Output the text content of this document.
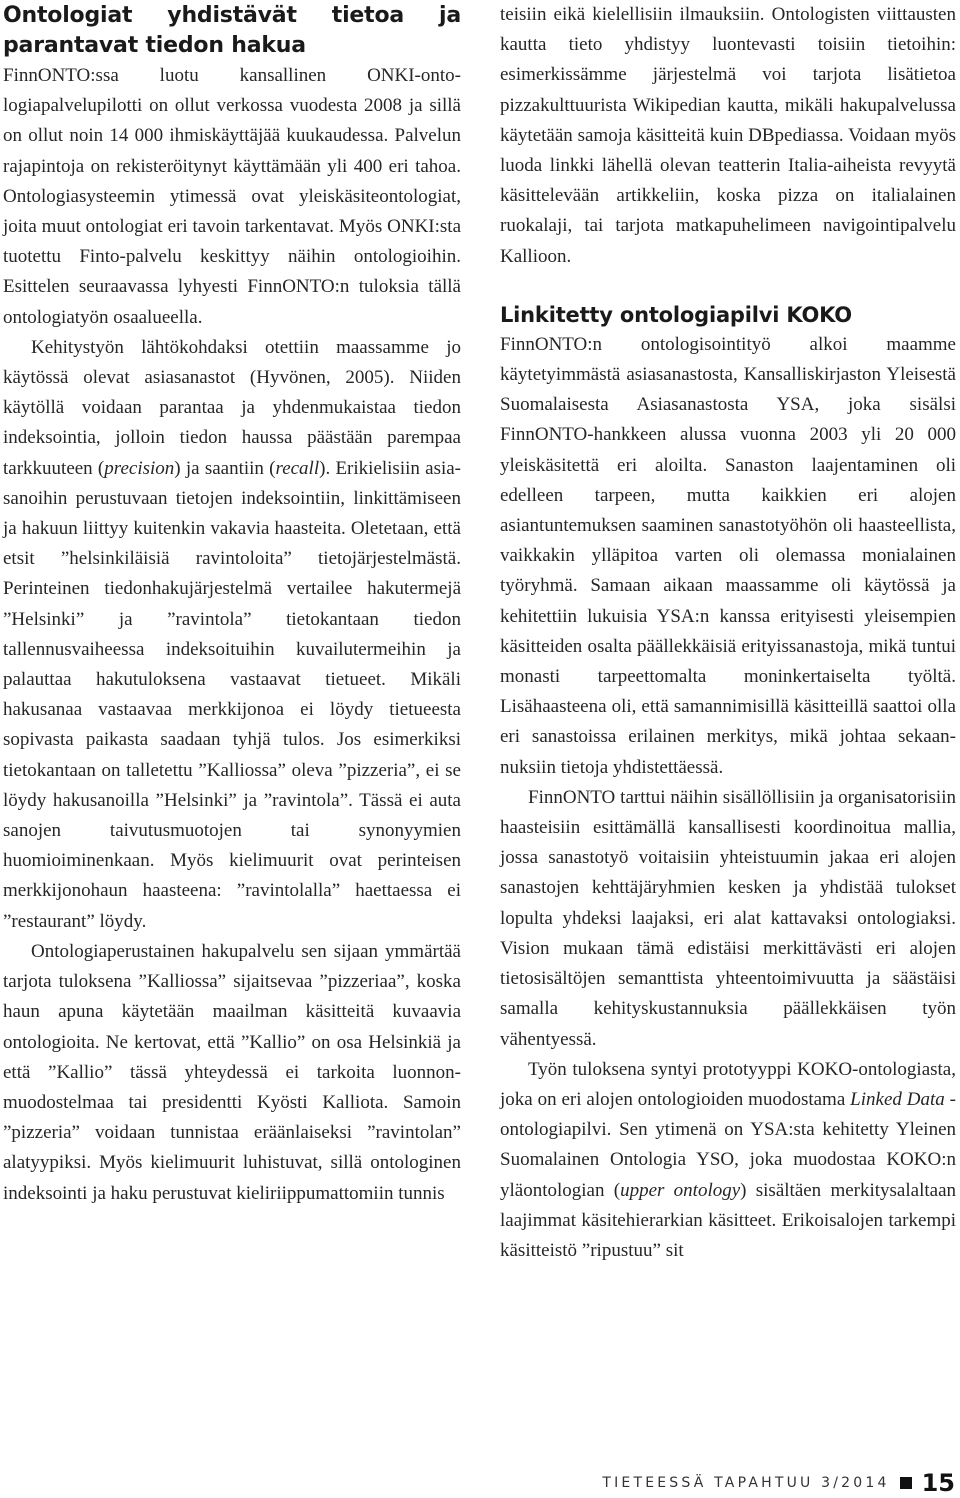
Ontologiat yhdistävät tietoa ja parantavat tiedon hakua

FinnONTO:ssa luotu kansallinen ONKI-ontologiapalvelupilotti on ollut verkossa vuodesta 2008 ja sillä on ollut noin 14 000 ihmiskäyttäjää kuukaudessa. Palvelun rajapintoja on rekisteröitynyt käyttämään yli 400 eri tahoa. Ontologiasysteemin ytimessä ovat yleiskäsiteontologiat, joita muut ontologiat eri tavoin tarkentavat. Myös ONKI:sta tuotettu Finto-palvelu keskittyy näihin ontologioihin. Esittelen seuraavassa lyhyesti FinnONTO:n tuloksia tällä ontologiatyön osaalueella.

Kehitystyön lähtökohdaksi otettiin maassamme jo käytössä olevat asiasanastot (Hyvönen, 2005). Niiden käytöllä voidaan parantaa ja yhdenmukaistaa tiedon indeksointia, jolloin tiedon haussa päästään parempaa tarkkuuteen (precision) ja saantiin (recall). Erikielisiin asiasanoihin perustuvaan tietojen indeksointiin, linkittämiseen ja hakuun liittyy kuitenkin vakavia haasteita. Oletetaan, että etsit ”helsinkiläisiä ravintoloita” tietojärjestelmästä. Perinteinen tiedonhakujärjestelmä vertailee hakutermejä ”Helsinki” ja ”ravintola” tietokantaan tiedon tallennusvaiheessa indeksoituihin kuvailutermeihin ja palauttaa hakutuloksena vastaavat tietueet. Mikäli hakusanaa vastaavaa merkkijonoa ei löydy tietueesta sopivasta paikasta saadaan tyhjä tulos. Jos esimerkiksi tietokantaan on talletettu ”Kalliossa” oleva ”pizzeria”, ei se löydy hakusanoilla ”Helsinki” ja ”ravintola”. Tässä ei auta sanojen taivutusmuotojen tai synonyymien huomioiminenkaan. Myös kielimuurit ovat perinteisen merkkijonohaun haasteena: ”ravintolalla” haettaessa ei ”restaurant” löydy.

Ontologiaperustainen hakupalvelu sen sijaan ymmärtää tarjota tuloksena ”Kalliossa” sijaitsevaa ”pizzeriaa”, koska haun apuna käytetään maailman käsitteitä kuvaavia ontologioita. Ne kertovat, että ”Kallio” on osa Helsinkiä ja että ”Kallio” tässä yhteydessä ei tarkoita luonnonmuodostelmaa tai presidentti Kyösti Kalliota. Samoin ”pizzeria” voidaan tunnistaa eräänlaiseksi ”ravintolan” alatyypiksi. Myös kielimuurit luhistuvat, sillä ontologinen indeksointi ja haku perustuvat kieliriippumattomiin tunnis

teisiin eikä kielellisiin ilmauksiin. Ontologisten viittausten kautta tieto yhdistyy luontevasti toisiin tietoihin: esimerkissämme järjestelmä voi tarjota lisätietoa pizzakulttuurista Wikipedian kautta, mikäli hakupalvelussa käytetään samoja käsitteitä kuin DBpediassa. Voidaan myös luoda linkki lähellä olevan teatterin Italia-aiheista revyytä käsittelevään artikkeliin, koska pizza on italialainen ruokalaji, tai tarjota matkapuhelimeen navigointipalvelu Kallioon.

Linkitetty ontologiapilvi KOKO

FinnONTO:n ontologisointityö alkoi maamme käytetyimmästä asiasanastosta, Kansalliskirjaston Yleisestä Suomalaisesta Asiasanastosta YSA, joka sisälsi FinnONTO-hankkeen alussa vuonna 2003 yli 20 000 yleiskäsitettä eri aloilta. Sanaston laajentaminen oli edelleen tarpeen, mutta kaikkien eri alojen asiantuntemuksen saaminen sanastotyöhön oli haasteellista, vaikkakin ylläpitoa varten oli olemassa monialainen työryhmä. Samaan aikaan maassamme oli käytössä ja kehitettiin lukuisia YSA:n kanssa erityisesti yleisempien käsitteiden osalta päällekkäisiä erityissanastoja, mikä tuntui monasti tarpeettomalta moninkertaiselta työltä. Lisähaasteena oli, että samannimisillä käsitteillä saattoi olla eri sanastoissa erilainen merkitys, mikä johtaa sekaannuksiin tietoja yhdistettäessä.

FinnONTO tarttui näihin sisällöllisiin ja organisatorisiin haasteisiin esittämällä kansallisesti koordinoitua mallia, jossa sanastotyö voitaisiin yhteistuumin jakaa eri alojen sanastojen kehttäjäryhmien kesken ja yhdistää tulokset lopulta yhdeksi laajaksi, eri alat kattavaksi ontologiaksi. Vision mukaan tämä edistäisi merkittävästi eri alojen tietosisältöjen semanttista yhteentoimivuutta ja säästäisi samalla kehityskustannuksia päällekkäisen työn vähentyessä.

Työn tuloksena syntyi prototyyppi KOKO-ontologiasta, joka on eri alojen ontologioiden muodostama Linked Data -ontologiapilvi. Sen ytimenä on YSA:sta kehitetty Yleinen Suomalainen Ontologia YSO, joka muodostaa KOKO:n yläontologian (upper ontology) sisältäen merkitysalaltaan laajimmat käsitehierarkian käsitteet. Erikoisalojen tarkempi käsitteistö ”ripustuu” sit

TIETEESSÄ TAPAHTUU 3/2014 15
